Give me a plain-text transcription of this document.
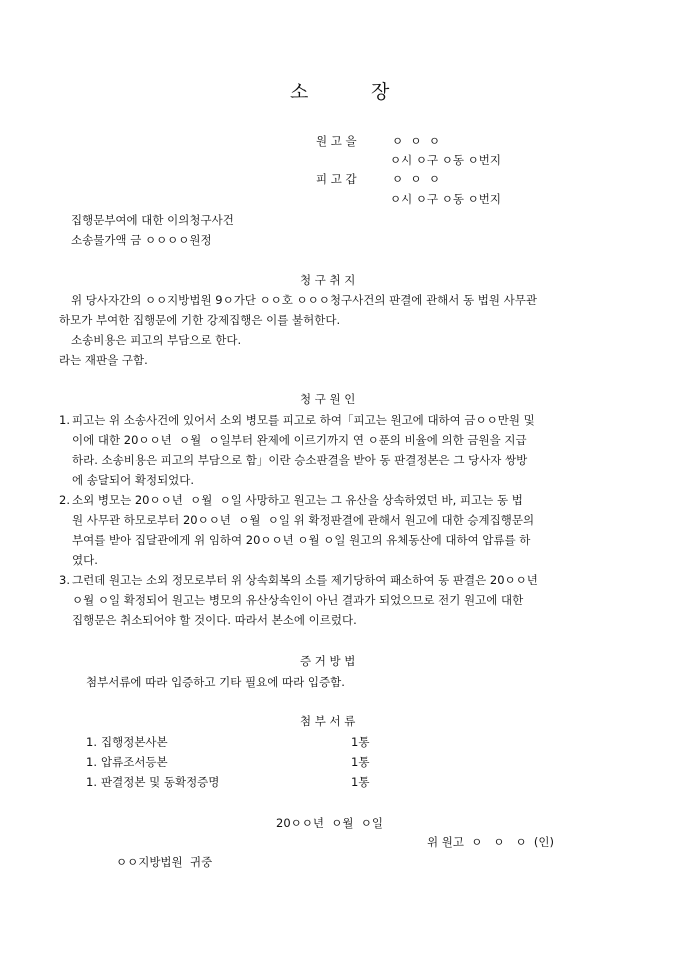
소	장
원 고 을	ㅇ  ㅇ  ㅇ
ㅇ시 ㅇ구 ㅇ동 ㅇ번지
피 고 갑	ㅇ  ㅇ  ㅇ
ㅇ시 ㅇ구 ㅇ동 ㅇ번지
집행문부여에 대한 이의청구사건
소송물가액 금 ㅇㅇㅇㅇ원정
청 구 취 지
위 당사자간의 ㅇㅇ지방법원 9ㅇ가단 ㅇㅇ호 ㅇㅇㅇ청구사건의 판결에 관해서 동 법원 사무관
하모가 부여한 집행문에 기한 강제집행은 이를 불허한다.
소송비용은 피고의 부담으로 한다.
라는 재판을 구함.
청 구 원 인
1. 피고는 위 소송사건에 있어서 소외 병모를 피고로 하여「피고는 원고에 대하여 금ㅇㅇ만원 및
이에 대한 20ㅇㅇ년  ㅇ월  ㅇ일부터 완제에 이르기까지 연 ㅇ푼의 비율에 의한 금원을 지급
하라. 소송비용은 피고의 부담으로 함」이란 승소판결을 받아 동 판결정본은 그 당사자 쌍방
에 송달되어 확정되었다.
2. 소외 병모는 20ㅇㅇ년  ㅇ월  ㅇ일 사망하고 원고는 그 유산을 상속하였던 바, 피고는 동 법
원 사무관 하모로부터 20ㅇㅇ년  ㅇ월  ㅇ일 위 확정판결에 관해서 원고에 대한 승계집행문의
부여를 받아 집달관에게 위 임하여 20ㅇㅇ년 ㅇ월 ㅇ일 원고의 유체동산에 대하여 압류를 하
였다.
3. 그런데 원고는 소외 정모로부터 위 상속회복의 소를 제기당하여 패소하여 동 판결은 20ㅇㅇ년
ㅇ월 ㅇ일 확정되어 원고는 병모의 유산상속인이 아닌 결과가 되었으므로 전기 원고에 대한
집행문은 취소되어야 할 것이다. 따라서 본소에 이르렀다.
증 거 방 법
첨부서류에 따라 입증하고 기타 필요에 따라 입증함.
첨 부 서 류
1. 집행정본사본	1통
1. 압류조서등본	1통
1. 판결정본 및 동확정증명	1통
20ㅇㅇ년  ㅇ월  ㅇ일
위 원고  ㅇ   ㅇ   ㅇ  (인)
ㅇㅇ지방법원  귀중
